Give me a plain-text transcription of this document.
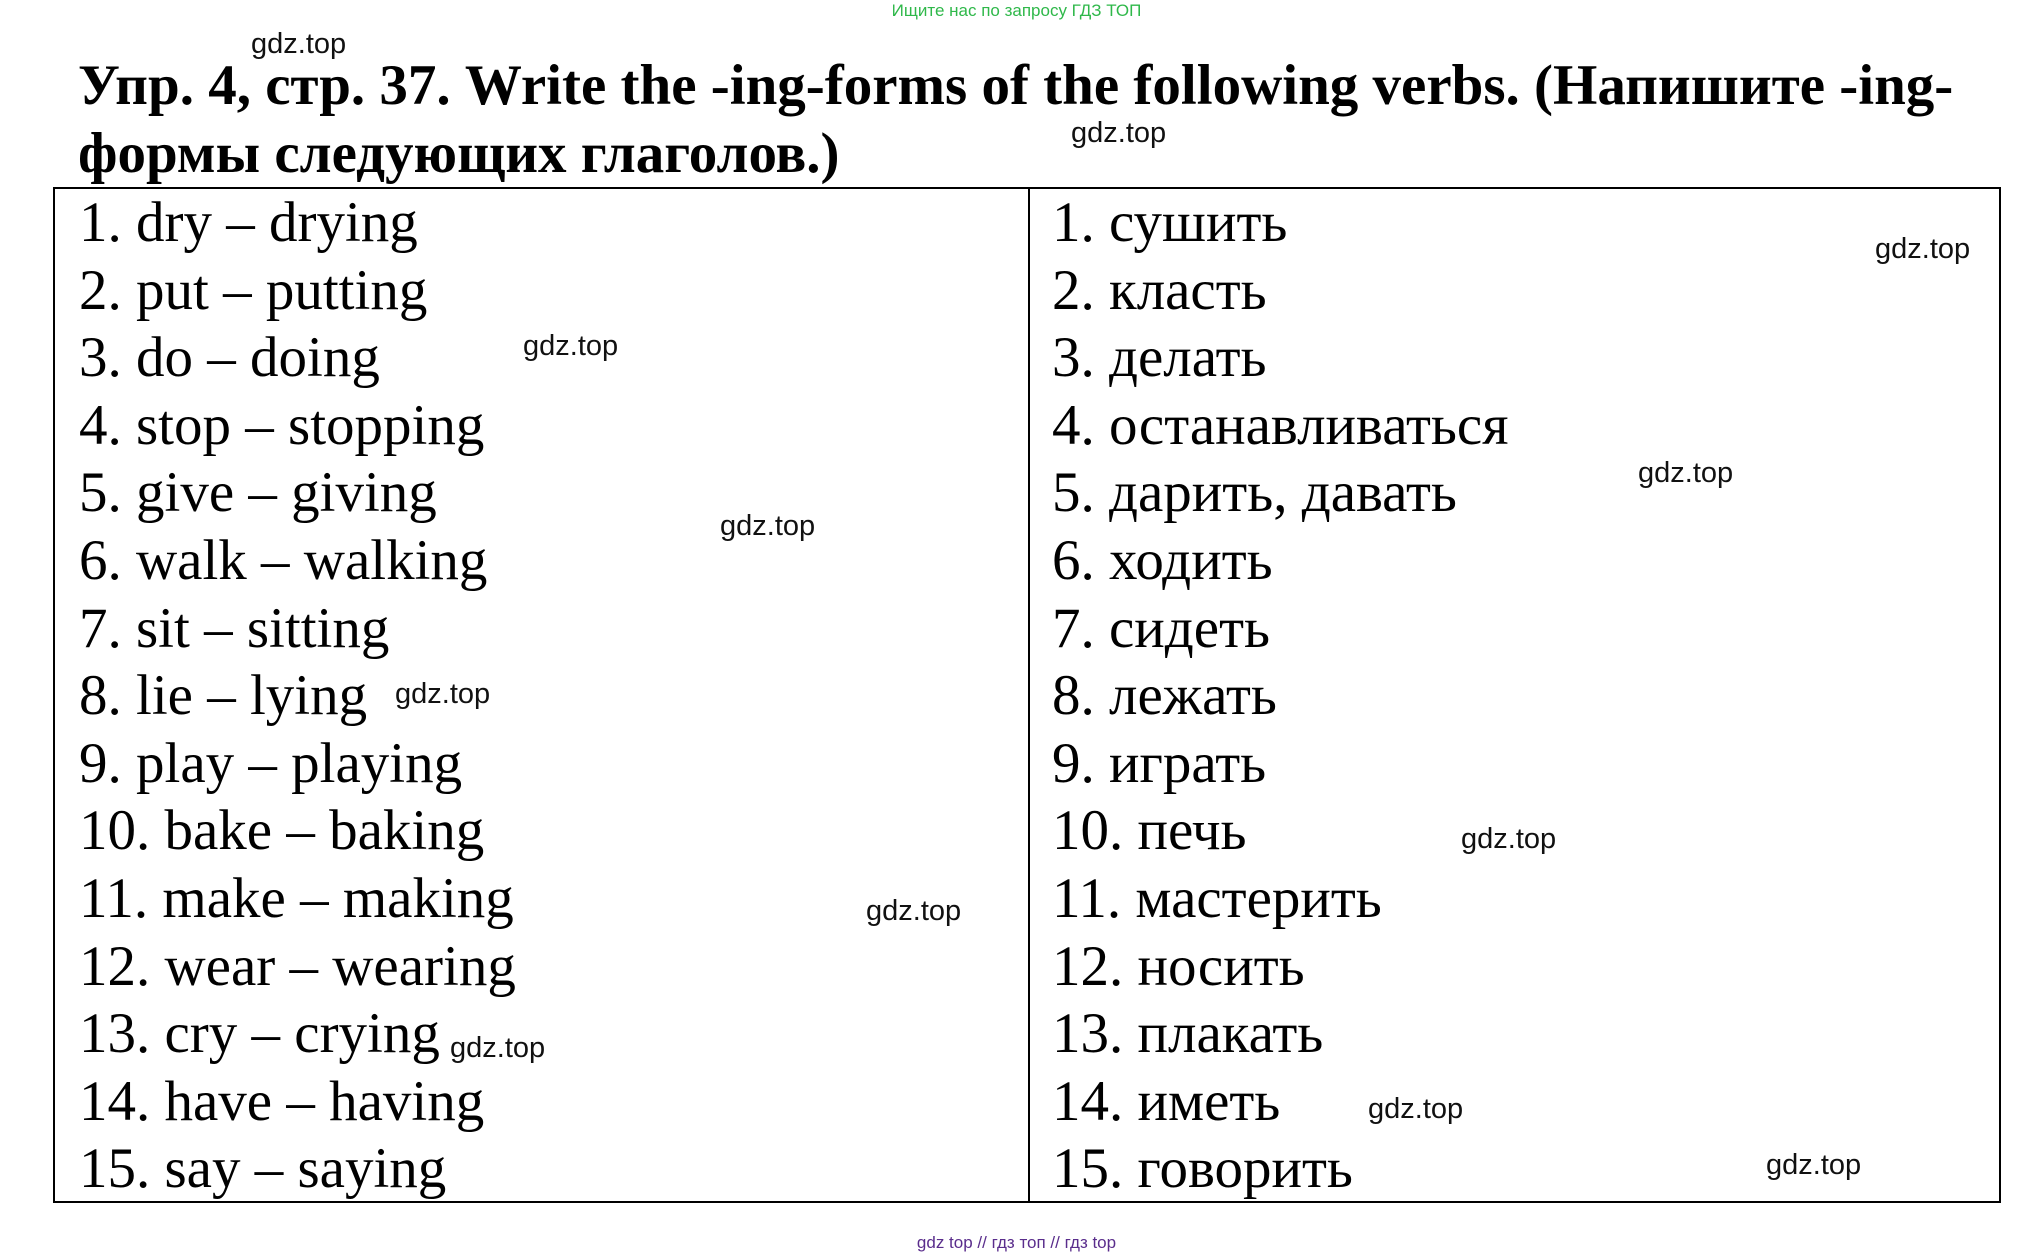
Ищите нас по запросу ГДЗ ТОП
Упр. 4, стр. 37. Write the -ing-forms of the following verbs. (Напишите -ing-формы следующих глаголов.)
1. dry – drying
2. put – putting
3. do – doing
4. stop – stopping
5. give – giving
6. walk – walking
7. sit – sitting
8. lie – lying
9. play – playing
10. bake – baking
11. make – making
12. wear – wearing
13. cry – crying
14. have – having
15. say – saying
1. сушить
2. класть
3. делать
4. останавливаться
5. дарить, давать
6. ходить
7. сидеть
8. лежать
9. играть
10. печь
11. мастерить
12. носить
13. плакать
14. иметь
15. говорить
gdz.top
gdz.top
gdz.top
gdz.top
gdz.top
gdz.top
gdz.top
gdz.top
gdz.top
gdz.top
gdz.top
gdz.top
gdz top // гдз топ // гдз top
